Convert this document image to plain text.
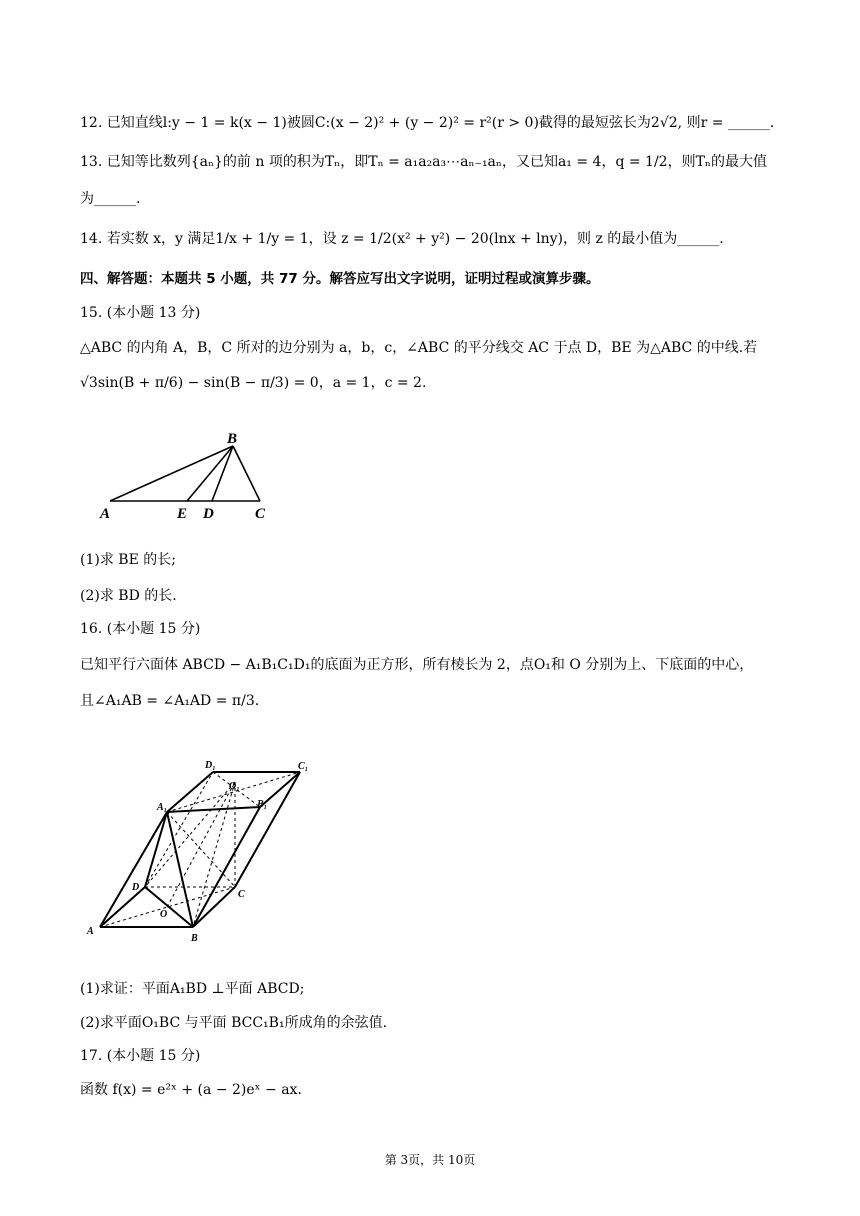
12. 已知直线l:y − 1 = k(x − 1)被圆C:(x − 2)² + (y − 2)² = r²(r > 0)截得的最短弦长为2√2, 则r = ______.
13. 已知等比数列{aₙ}的前 n 项的积为Tₙ，即Tₙ = a₁a₂a₃⋯aₙ₋₁aₙ，又已知a₁ = 4，q = 1/2，则Tₙ的最大值
为______.
14. 若实数 x，y 满足1/x + 1/y = 1，设 z = 1/2(x² + y²) − 20(lnx + lny)，则 z 的最小值为______.
四、解答题：本题共 5 小题，共 77 分。解答应写出文字说明，证明过程或演算步骤。
15. (本小题 13 分)
△ABC 的内角 A，B，C 所对的边分别为 a，b，c，∠ABC 的平分线交 AC 于点 D，BE 为△ABC 的中线.若
√3sin(B + π/6) − sin(B − π/3) = 0，a = 1，c = 2.
A
B
C
E D
(1)求 BE 的长;
(2)求 BD 的长.
16. (本小题 15 分)
已知平行六面体 ABCD − A₁B₁C₁D₁的底面为正方形，所有棱长为 2，点O₁和 O 分别为上、下底面的中心，
且∠A₁AB = ∠A₁AD = π/3.
A
B
C
D
O
A₁	B₁
C₁
D₁
O₁
(1)求证：平面A₁BD ⊥平面 ABCD;
(2)求平面O₁BC 与平面 BCC₁B₁所成角的余弦值.
17. (本小题 15 分)
函数 f(x) = e²ˣ + (a − 2)eˣ − ax.
第 3页，共 10页
